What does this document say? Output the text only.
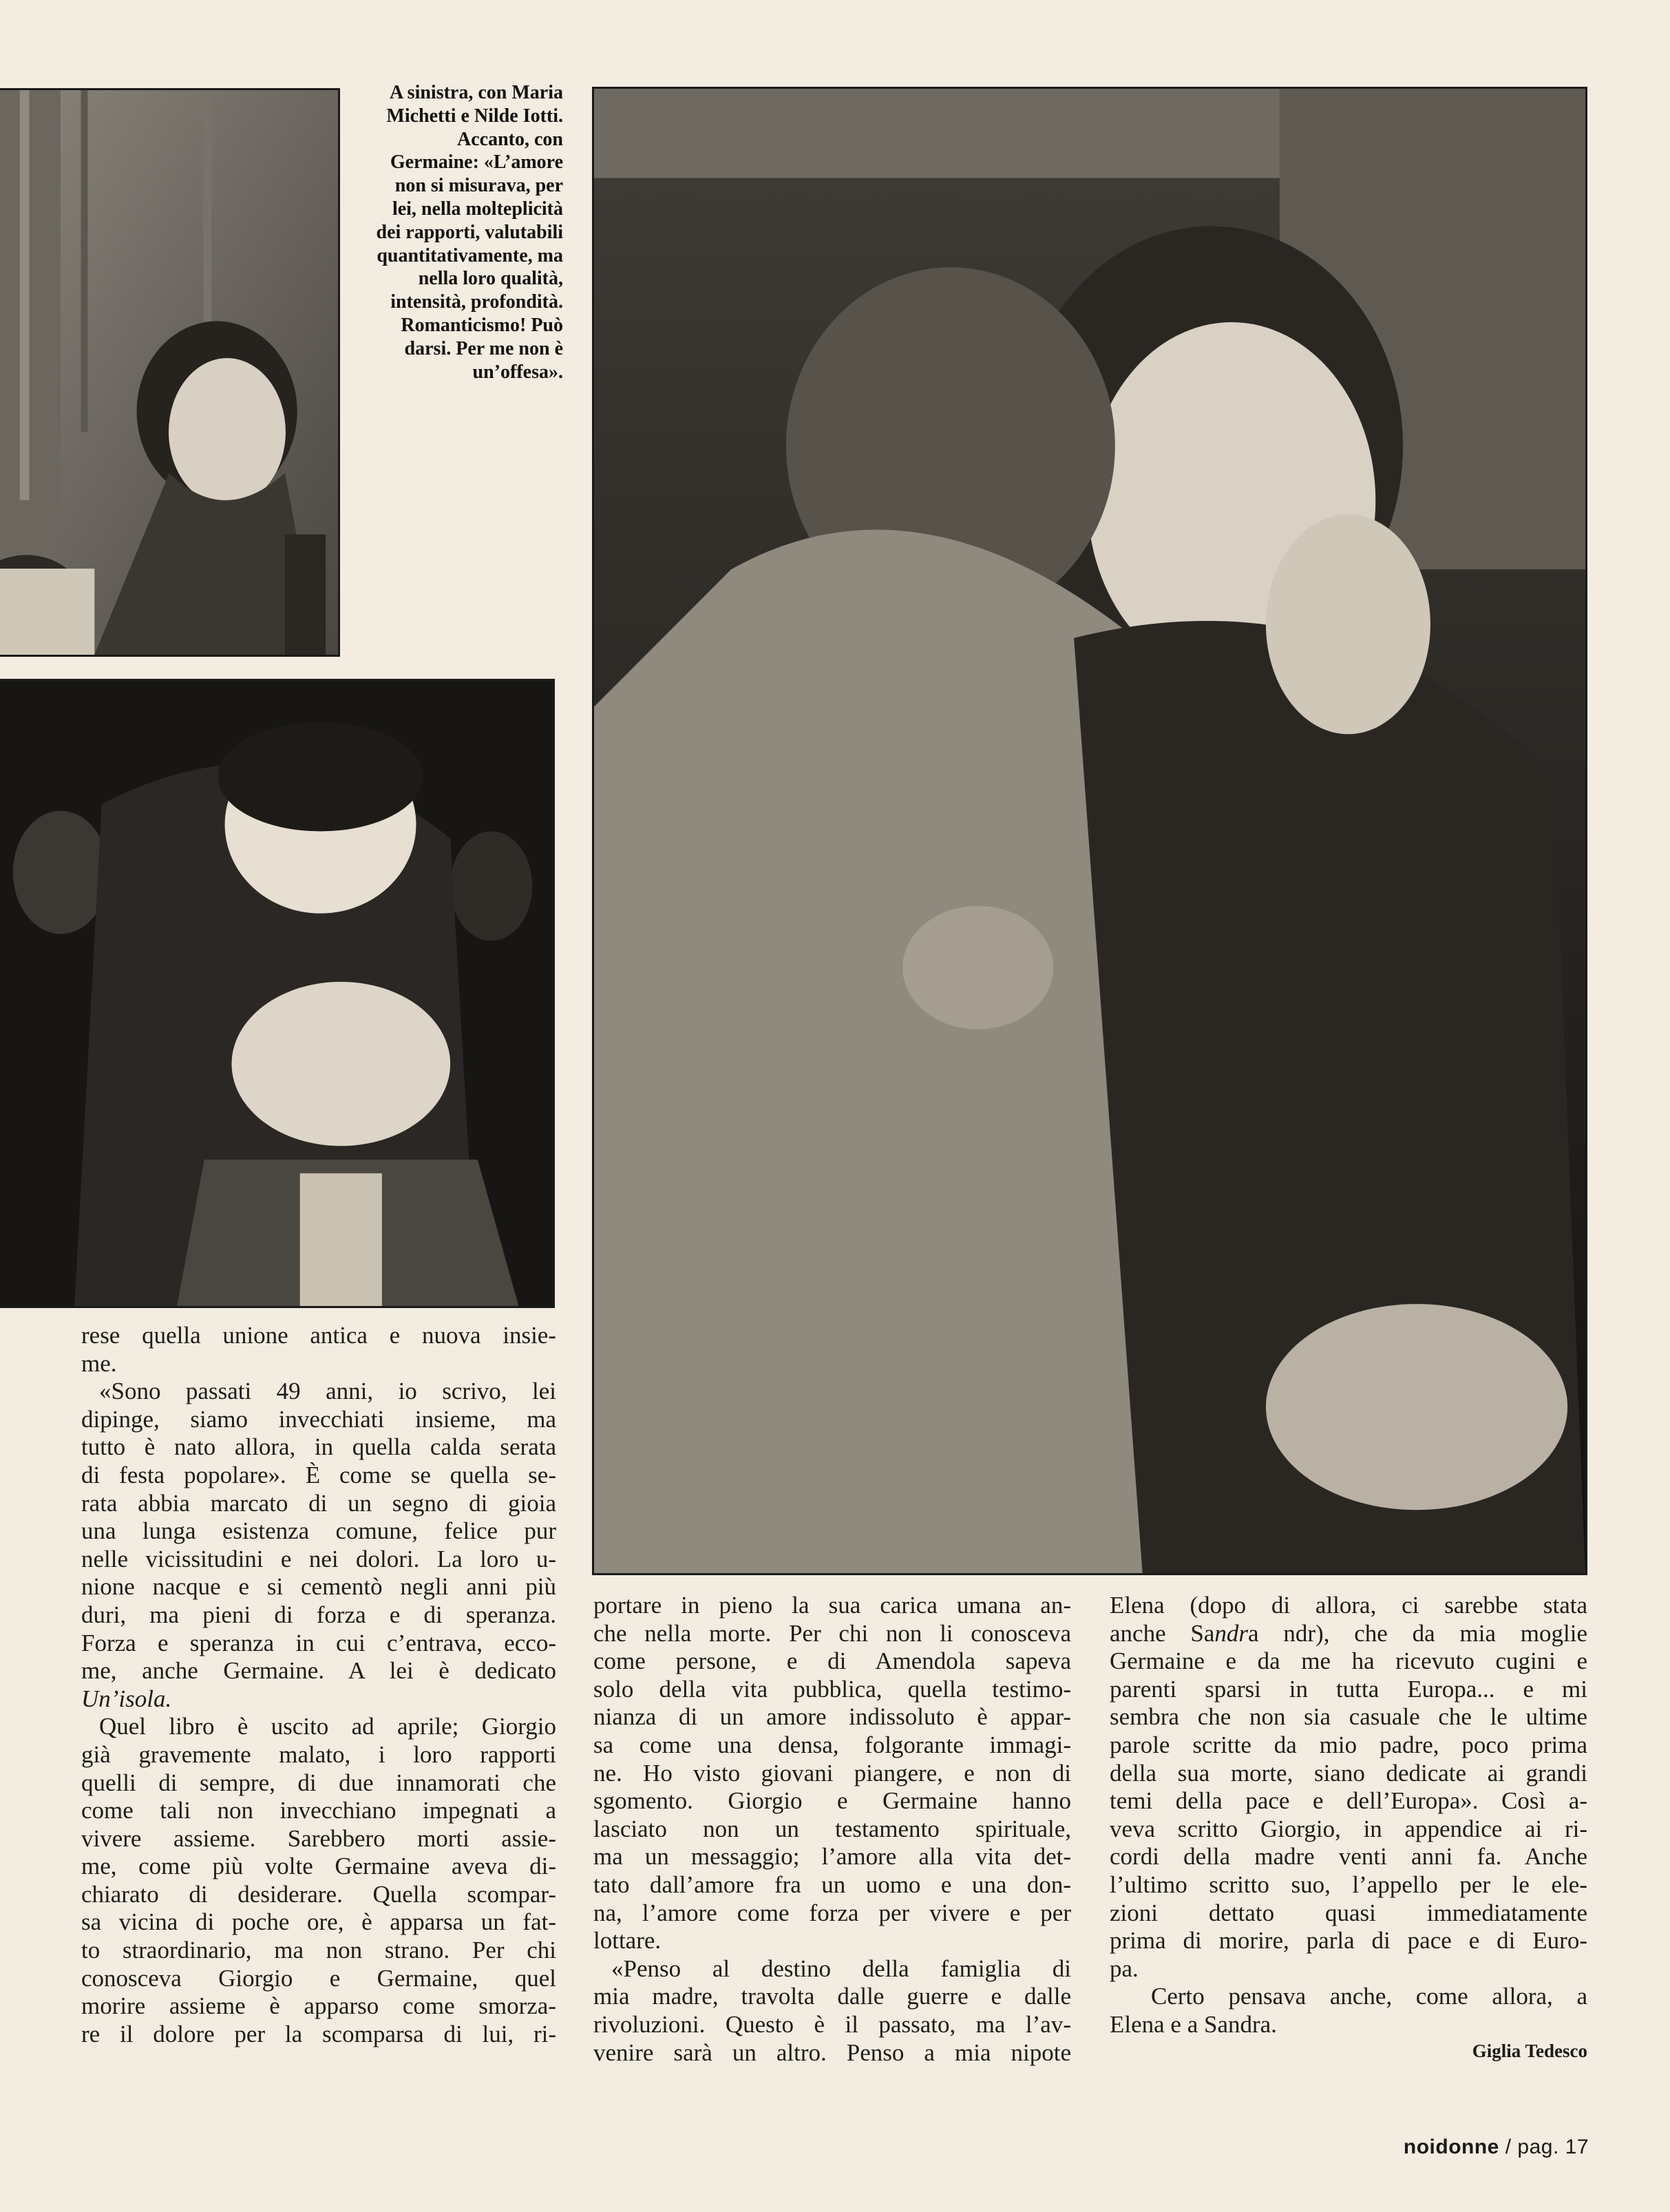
A sinistra, con Maria
Michetti e Nilde Iotti.
Accanto, con
Germaine: «L’amore
non si misurava, per
lei, nella molteplicità
dei rapporti, valutabili
quantitativamente, ma
nella loro qualità,
intensità, profondità.
Romanticismo! Può
darsi. Per me non è
un’offesa».
rese quella unione antica e nuova insie-
me.
«Sono passati 49 anni, io scrivo, lei
dipinge, siamo invecchiati insieme, ma
tutto è nato allora, in quella calda serata
di festa popolare». È come se quella se-
rata abbia marcato di un segno di gioia
una lunga esistenza comune, felice pur
nelle vicissitudini e nei dolori. La loro u-
nione nacque e si cementò negli anni più
duri, ma pieni di forza e di speranza.
Forza e speranza in cui c’entrava, ecco-
me, anche Germaine. A lei è dedicato
Un’isola.
Quel libro è uscito ad aprile; Giorgio
già gravemente malato, i loro rapporti
quelli di sempre, di due innamorati che
come tali non invecchiano impegnati a
vivere assieme. Sarebbero morti assie-
me, come più volte Germaine aveva di-
chiarato di desiderare. Quella scompar-
sa vicina di poche ore, è apparsa un fat-
to straordinario, ma non strano. Per chi
conosceva Giorgio e Germaine, quel
morire assieme è apparso come smorza-
re il dolore per la scomparsa di lui, ri-
portare in pieno la sua carica umana an-
che nella morte. Per chi non li conosceva
come persone, e di Amendola sapeva
solo della vita pubblica, quella testimo-
nianza di un amore indissoluto è appar-
sa come una densa, folgorante immagi-
ne. Ho visto giovani piangere, e non di
sgomento. Giorgio e Germaine hanno
lasciato non un testamento spirituale,
ma un messaggio; l’amore alla vita det-
tato dall’amore fra un uomo e una don-
na, l’amore come forza per vivere e per
lottare.
«Penso al destino della famiglia di
mia madre, travolta dalle guerre e dalle
rivoluzioni. Questo è il passato, ma l’av-
venire sarà un altro. Penso a mia nipote
Elena (dopo di allora, ci sarebbe stata
anche Sandra ndr), che da mia moglie
Germaine e da me ha ricevuto cugini e
parenti sparsi in tutta Europa... e mi
sembra che non sia casuale che le ultime
parole scritte da mio padre, poco prima
della sua morte, siano dedicate ai grandi
temi della pace e dell’Europa». Così a-
veva scritto Giorgio, in appendice ai ri-
cordi della madre venti anni fa. Anche
l’ultimo scritto suo, l’appello per le ele-
zioni dettato quasi immediatamente
prima di morire, parla di pace e di Euro-
pa.
Certo pensava anche, come allora, a
Elena e a Sandra.
Giglia Tedesco
noidonne / pag. 17
